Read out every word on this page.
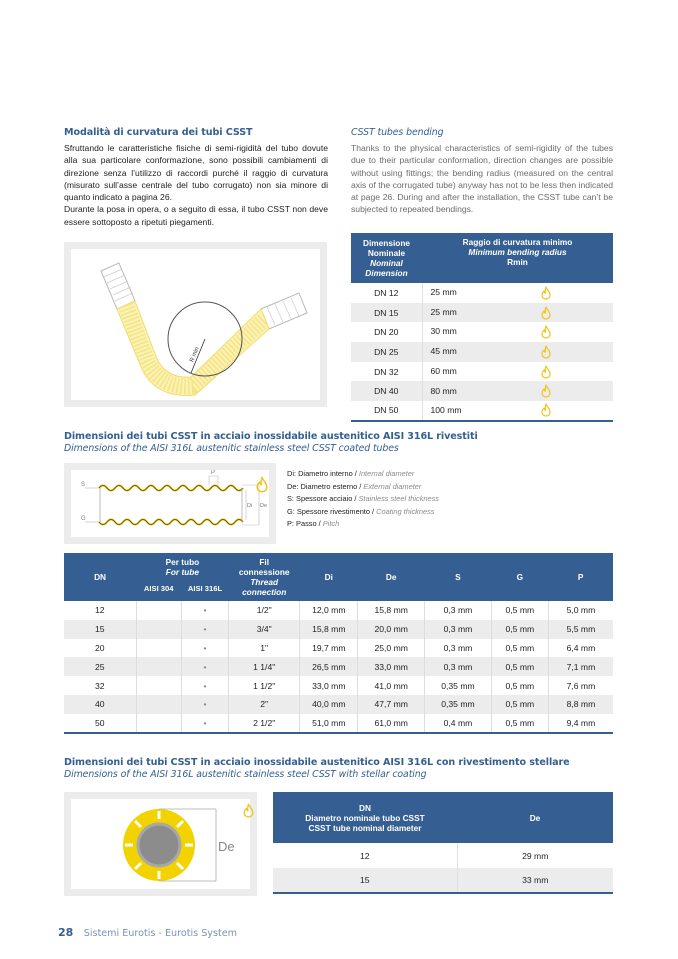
Modalità di curvatura dei tubi CSST

Sfruttando le caratteristiche fisiche di semi-rigidità del tubo dovute alla sua particolare conformazione, sono possibili cambiamenti di direzione senza l’utilizzo di raccordi purché il raggio di curvatura (misurato sull’asse centrale del tubo corrugato) non sia minore di quanto indicato a pagina 26.

Durante la posa in opera, o a seguito di essa, il tubo CSST non deve essere sottoposto a ripetuti piegamenti.

R min
CSST tubes bending

Thanks to the physical characteristics of semi-rigidity of the tubes due to their particular conformation, direction changes are possible without using fittings; the bending radius (measured on the central axis of the corrugated tube) anyway has not to be less then indicated at page 26. During and after the installation, the CSST tube can’t be subjected to repeated bendings.

Dimensione
Nominale
Nominal
Dimension	Raggio di curvatura minimo
Minimum bending radius
Rmin
DN 12	25 mm
DN 15	25 mm
DN 20	30 mm
DN 25	45 mm
DN 32	60 mm
DN 40	80 mm
DN 50	100 mm
Dimensioni dei tubi CSST in acciaio inossidabile austenitico AISI 316L rivestiti
Dimensions of the AISI 316L austenitic stainless steel CSST coated tubes
S
G
P
Di De
Di: Diametro interno / Internal diameter
De: Diametro esterno / External diameter
S: Spessore acciaio / Stainless steel thickness
G: Spessore rivestimento / Coating thickness
P: Passo / Pitch
DN	Per tubo
For tube		Fil
connessione
Thread
connection	Di	De	S	G	P
	AISI 304	AISI 316L						
12		•	1/2"	12,0 mm	15,8 mm	0,3 mm	0,5 mm	5,0 mm
15		•	3/4"	15,8 mm	20,0 mm	0,3 mm	0,5 mm	5,5 mm
20		•	1"	19,7 mm	25,0 mm	0,3 mm	0,5 mm	6,4 mm
25		•	1 1/4"	26,5 mm	33,0 mm	0,3 mm	0,5 mm	7,1 mm
32		•	1 1/2"	33,0 mm	41,0 mm	0,35 mm	0,5 mm	7,6 mm
40		•	2"	40,0 mm	47,7 mm	0,35 mm	0,5 mm	8,8 mm
50		•	2 1/2"	51,0 mm	61,0 mm	0,4 mm	0,5 mm	9,4 mm
Dimensioni dei tubi CSST in acciaio inossidabile austenitico AISI 316L con rivestimento stellare
Dimensions of the AISI 316L austenitic stainless steel CSST with stellar coating
De
DN
Diametro nominale tubo CSST
CSST tube nominal diameter	De
12	29 mm
15	33 mm
28 Sistemi Eurotis - Eurotis System
